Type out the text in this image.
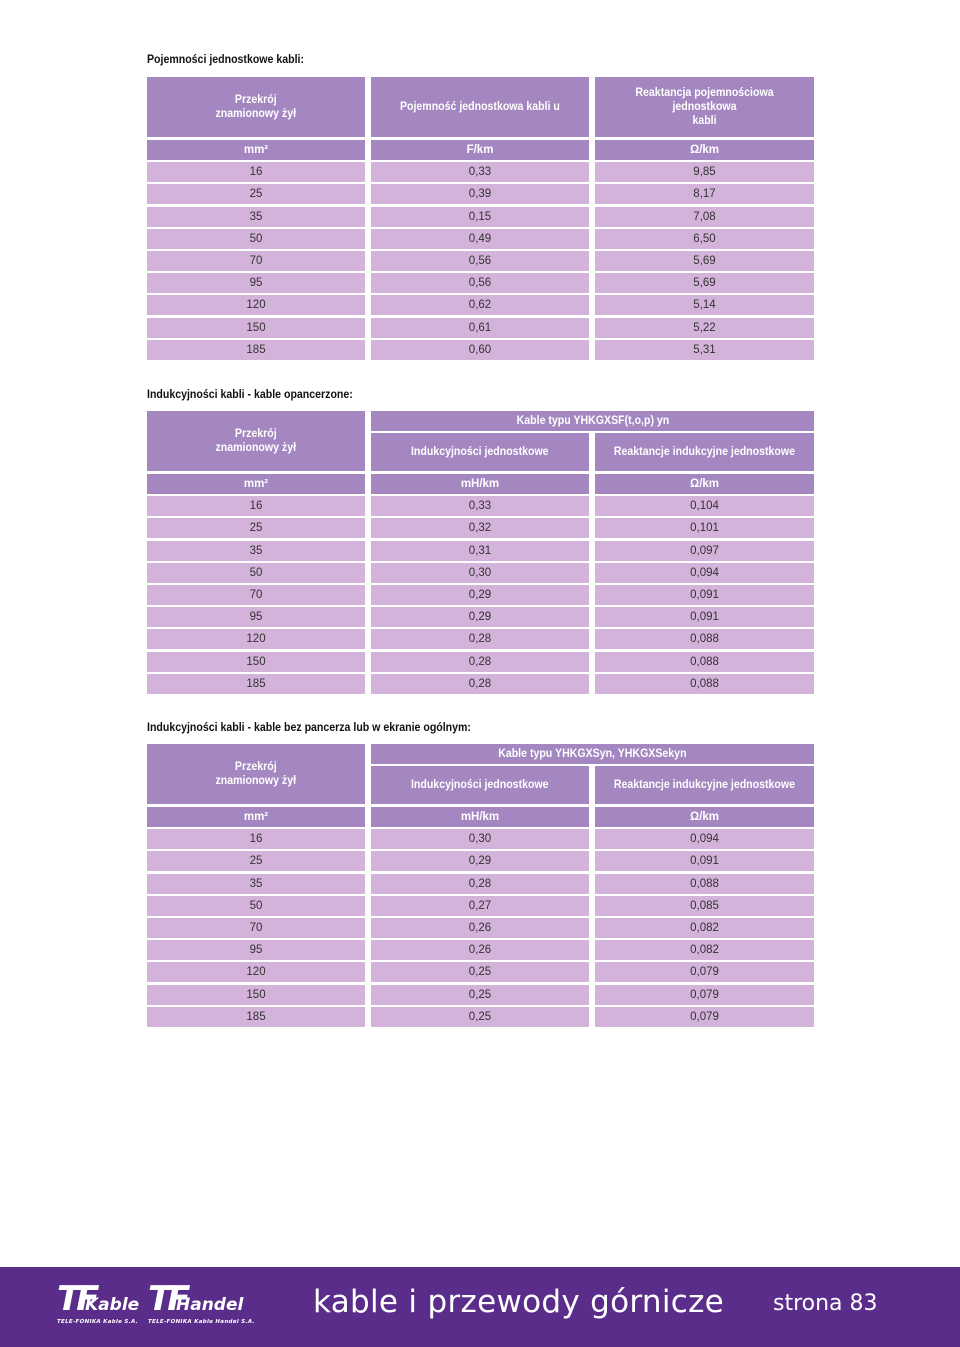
Pojemności jednostkowe kabli:
Przekrój
znamionowy żył
Pojemność jednostkowa kabli u
Reaktancja pojemnościowa jednostkowa
kabli
mm²	F/km	Ω/km
16	0,33	9,85
25	0,39	8,17
35	0,15	7,08
50	0,49	6,50
70	0,56	5,69
95	0,56	5,69
120	0,62	5,14
150	0,61	5,22
185	0,60	5,31
Indukcyjności kabli - kable opancerzone:
Przekrój
znamionowy żył
Kable typu YHKGXSF(t,o,p) yn
Indukcyjności jednostkowe	Reaktancje indukcyjne jednostkowe
mm²	mH/km	Ω/km
16	0,33	0,104
25	0,32	0,101
35	0,31	0,097
50	0,30	0,094
70	0,29	0,091
95	0,29	0,091
120	0,28	0,088
150	0,28	0,088
185	0,28	0,088
Indukcyjności kabli - kable bez pancerza lub w ekranie ogólnym:
Przekrój
znamionowy żył
Kable typu YHKGXSyn, YHKGXSekyn
Indukcyjności jednostkowe	Reaktancje indukcyjne jednostkowe
mm²	mH/km	Ω/km
16	0,30	0,094
25	0,29	0,091
35	0,28	0,088
50	0,27	0,085
70	0,26	0,082
95	0,26	0,082
120	0,25	0,079
150	0,25	0,079
185	0,25	0,079
TF
Kable
TELE-FONIKA Kable S.A.
TF
Handel
TELE-FONIKA Kable Handel S.A.
kable i przewody górnicze strona 83
